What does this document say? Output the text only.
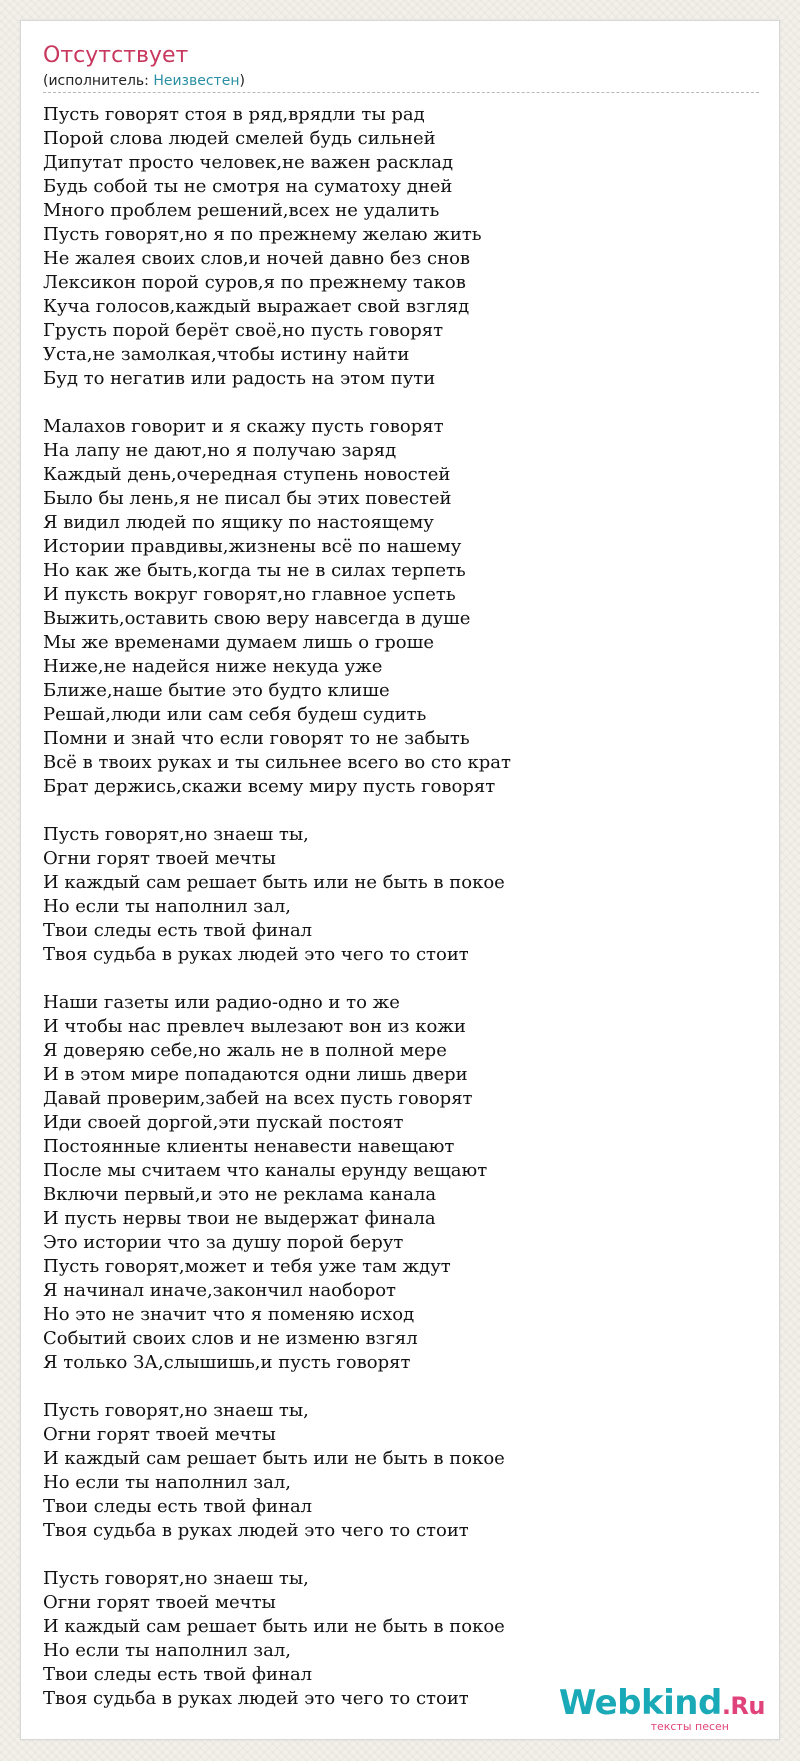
Отсутствует
(исполнитель: Неизвестен)
Пусть говорят стоя в ряд,врядли ты рад
Порой слова людей смелей будь сильней
Дипутат просто человек,не важен расклад
Будь собой ты не смотря на суматоху дней
Много проблем решений,всех не удалить
Пусть говорят,но я по прежнему желаю жить
Не жалея своих слов,и ночей давно без снов
Лексикон порой суров,я по прежнему таков
Куча голосов,каждый выражает свой взгляд
Грусть порой берёт своё,но пусть говорят
Уста,не замолкая,чтобы истину найти
Буд то негатив или радость на этом пути
Малахов говорит и я скажу пусть говорят
На лапу не дают,но я получаю заряд
Каждый день,очередная ступень новостей
Было бы лень,я не писал бы этих повестей
Я видил людей по ящику по настоящему
Истории правдивы,жизнены всё по нашему
Но как же быть,когда ты не в силах терпеть
И пуксть вокруг говорят,но главное успеть
Выжить,оставить свою веру навсегда в душе
Мы же временами думаем лишь о гроше
Ниже,не надейся ниже некуда уже
Ближе,наше бытие это будто клише
Решай,люди или сам себя будеш судить
Помни и знай что если говорят то не забыть
Всё в твоих руках и ты сильнее всего во сто крат
Брат держись,скажи всему миру пусть говорят
Пусть говорят,но знаеш ты,
Огни горят твоей мечты
И каждый сам решает быть или не быть в покое
Но если ты наполнил зал,
Твои следы есть твой финал
Твоя судьба в руках людей это чего то стоит
Наши газеты или радио-одно и то же
И чтобы нас превлеч вылезают вон из кожи
Я доверяю себе,но жаль не в полной мере
И в этом мире попадаются одни лишь двери
Давай проверим,забей на всех пусть говорят
Иди своей доргой,эти пускай постоят
Постоянные клиенты ненавести навещают
После мы считаем что каналы ерунду вещают
Включи первый,и это не реклама канала
И пусть нервы твои не выдержат финала
Это истории что за душу порой берут
Пусть говорят,может и тебя уже там ждут
Я начинал иначе,закончил наоборот
Но это не значит что я поменяю исход
Событий своих слов и не изменю взгял
Я только ЗА,слышишь,и пусть говорят
Пусть говорят,но знаеш ты,
Огни горят твоей мечты
И каждый сам решает быть или не быть в покое
Но если ты наполнил зал,
Твои следы есть твой финал
Твоя судьба в руках людей это чего то стоит
Пусть говорят,но знаеш ты,
Огни горят твоей мечты
И каждый сам решает быть или не быть в покое
Но если ты наполнил зал,
Твои следы есть твой финал
Твоя судьба в руках людей это чего то стоит	Webkind.Ru
тексты песен
